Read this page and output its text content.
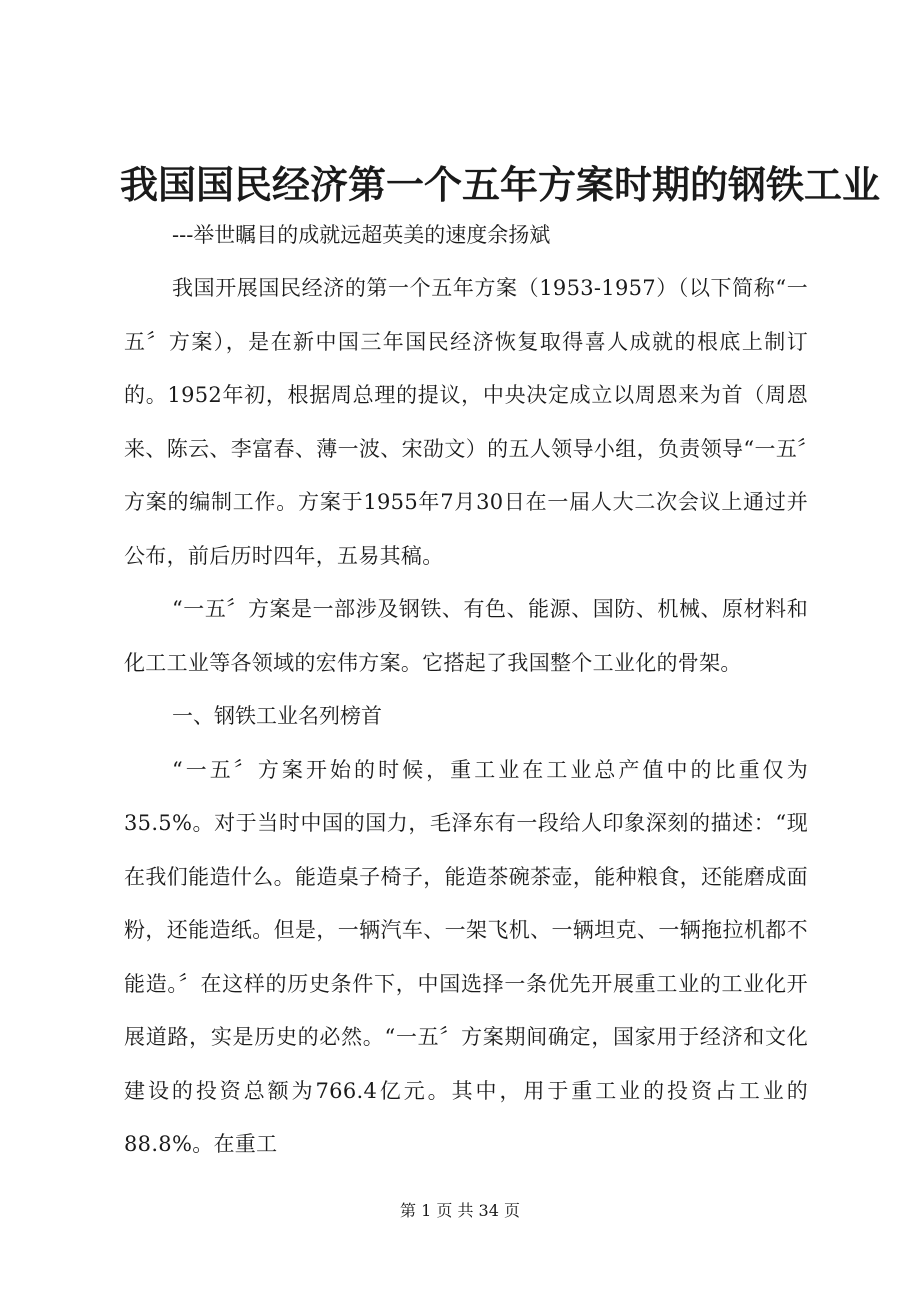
我国国民经济第一个五年方案时期的钢铁工业
---举世瞩目的成就远超英美的速度余扬斌

我国开展国民经济的第一个五年方案（1953-1957）（以下简称“一五〞方案），是在新中国三年国民经济恢复取得喜人成就的根底上制订的。1952年初，根据周总理的提议，中央决定成立以周恩来为首（周恩来、陈云、李富春、薄一波、宋劭文）的五人领导小组，负责领导“一五〞方案的编制工作。方案于1955年7月30日在一届人大二次会议上通过并公布，前后历时四年，五易其稿。

“一五〞方案是一部涉及钢铁、有色、能源、国防、机械、原材料和化工工业等各领域的宏伟方案。它搭起了我国整个工业化的骨架。

一、钢铁工业名列榜首

“一五〞方案开始的时候，重工业在工业总产值中的比重仅为35.5%。对于当时中国的国力，毛泽东有一段给人印象深刻的描述：“现在我们能造什么。能造桌子椅子，能造茶碗茶壶，能种粮食，还能磨成面粉，还能造纸。但是，一辆汽车、一架飞机、一辆坦克、一辆拖拉机都不能造。〞在这样的历史条件下，中国选择一条优先开展重工业的工业化开展道路，实是历史的必然。“一五〞方案期间确定，国家用于经济和文化建设的投资总额为766.4亿元。其中，用于重工业的投资占工业的88.8%。在重工

第 1 页 共 34 页
